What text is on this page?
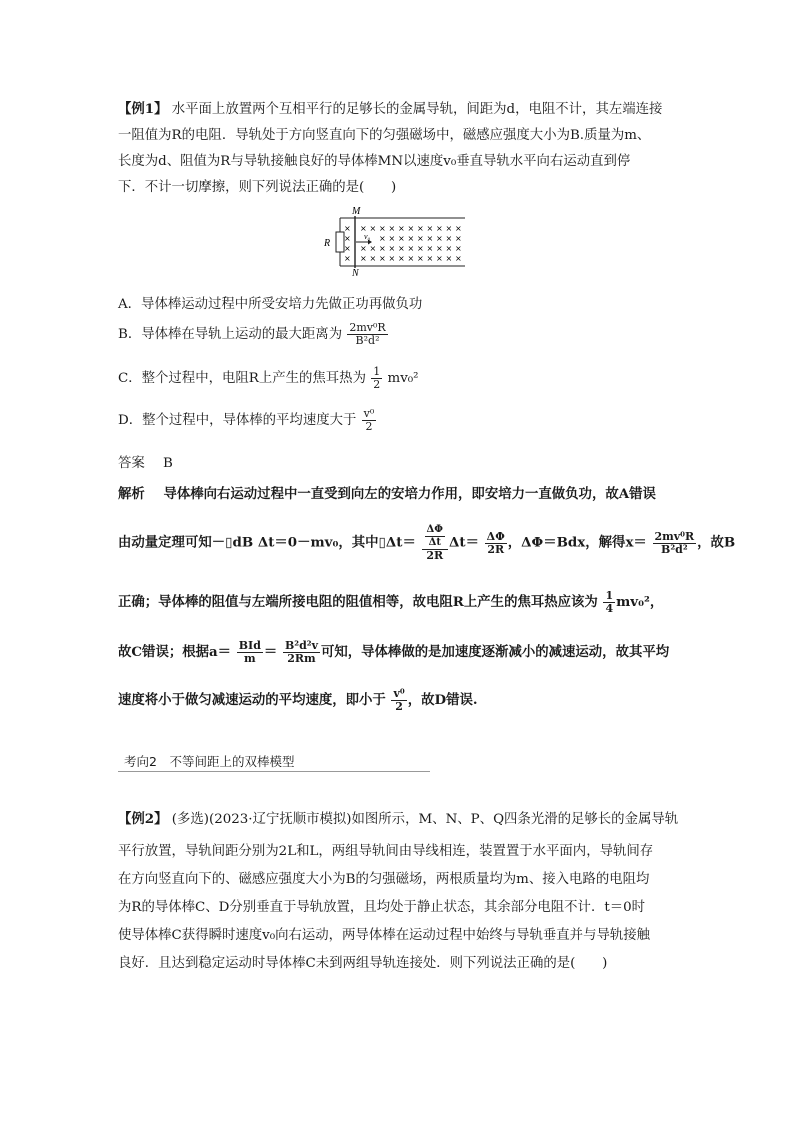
【例1】 水平面上放置两个互相平行的足够长的金属导轨，间距为d，电阻不计，其左端连接
一阻值为R的电阻．导轨处于方向竖直向下的匀强磁场中，磁感应强度大小为B.质量为m、
长度为d、阻值为R与导轨接触良好的导体棒MN以速度v₀垂直导轨水平向右运动直到停
下．不计一切摩擦，则下列说法正确的是(　　)
M
N
R
v₀
× × × × × × × × × × × ×
×	× × × × × × × × ×
× × × × × × × × × × × ×
× × × × × × × × × × × ×
A．导体棒运动过程中所受安培力先做正功再做负功
B．导体棒在导轨上运动的最大距离为 $\frac{\text{2mv⁰R}}{\text{B²d²}}$
C．整个过程中，电阻R上产生的焦耳热为 $\frac{1}{2} mv_0^2$
D．整个过程中，导体棒的平均速度大于 $\frac{\text{v⁰}}{2}$
答案 B
解析 导体棒向右运动过程中一直受到向左的安培力作用，即安培力一直做负功，故A错误
由动量定理可知－▯dB Δt＝0－mv₀，其中▯Δt＝ $\frac{\frac{\Delta\Phi}{\Delta t}}{2R} \Delta t= \frac{\Delta\Phi}{2R}$ ，ΔΦ＝Bdx，解得$x= \frac{\text{2mv⁰R}}{\text{B²d²}}$ ，故B
正确；导体棒的阻值与左端所接电阻的阻值相等，故电阻R上产生的焦耳热应该为 $\frac{1}{4} mv_0^2$，
故C错误；根据$a= \frac{\text{BId}}{m} = \frac{\text{B²d²v}}{2Rm}$ 可知，导体棒做的是加速度逐渐减小的减速运动，故其平均
速度将小于做匀减速运动的平均速度，即小于 $\frac{\text{v⁰}}{2}$ ，故D错误.
考向2　不等间距上的双棒模型
【例2】 (多选)(2023·辽宁抚顺市模拟)如图所示，M、N、P、Q四条光滑的足够长的金属导轨
平行放置，导轨间距分别为2L和L，两组导轨间由导线相连，装置置于水平面内，导轨间存
在方向竖直向下的、磁感应强度大小为B的匀强磁场，两根质量均为m、接入电路的电阻均
为R的导体棒C、D分别垂直于导轨放置，且均处于静止状态，其余部分电阻不计．t＝0时
使导体棒C获得瞬时速度v₀向右运动，两导体棒在运动过程中始终与导轨垂直并与导轨接触
良好．且达到稳定运动时导体棒C未到两组导轨连接处．则下列说法正确的是(　　)
